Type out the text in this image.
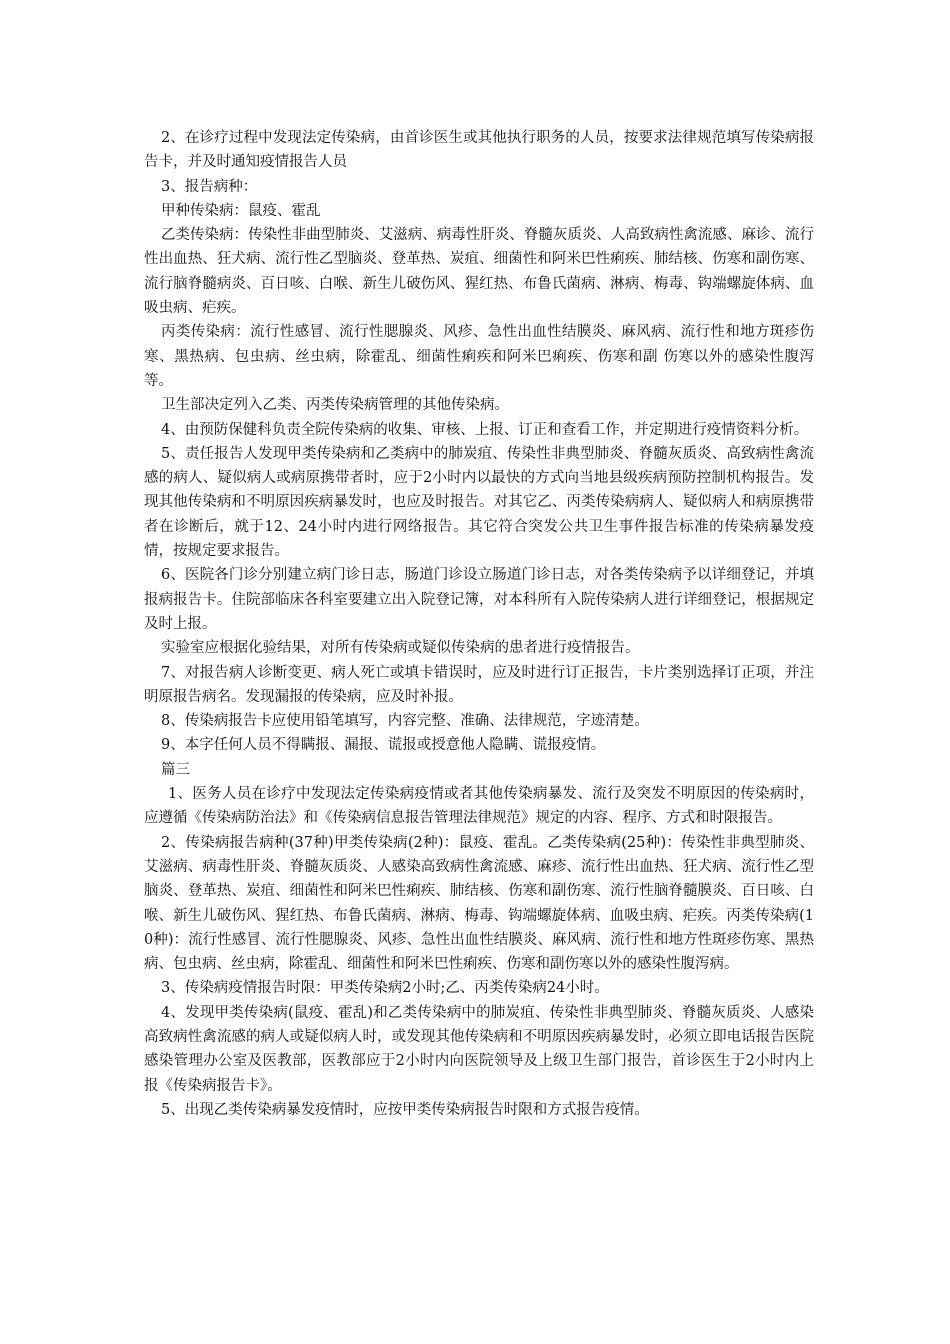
2、在诊疗过程中发现法定传染病，由首诊医生或其他执行职务的人员，按要求法律规范填写传染病报告卡，并及时通知疫情报告人员

3、报告病种：

甲种传染病：鼠疫、霍乱

乙类传染病：传染性非曲型肺炎、艾滋病、病毒性肝炎、脊髓灰质炎、人高致病性禽流感、麻诊、流行性出血热、狂犬病、流行性乙型脑炎、登革热、炭疽、细菌性和阿米巴性痢疾、肺结核、伤寒和副伤寒、流行脑脊髓病炎、百日咳、白喉、新生儿破伤风、猩红热、布鲁氏菌病、淋病、梅毒、钩端螺旋体病、血吸虫病、疟疾。

丙类传染病：流行性感冒、流行性腮腺炎、风疹、急性出血性结膜炎、麻风病、流行性和地方斑疹伤寒、黑热病、包虫病、丝虫病，除霍乱、细菌性痢疾和阿米巴痢疾、伤寒和副 伤寒以外的感染性腹泻等。

卫生部决定列入乙类、丙类传染病管理的其他传染病。

4、由预防保健科负责全院传染病的收集、审核、上报、订正和查看工作，并定期进行疫情资料分析。

5、责任报告人发现甲类传染病和乙类病中的肺炭疽、传染性非典型肺炎、脊髓灰质炎、高致病性禽流感的病人、疑似病人或病原携带者时，应于2小时内以最快的方式向当地县级疾病预防控制机构报告。发现其他传染病和不明原因疾病暴发时，也应及时报告。对其它乙、丙类传染病病人、疑似病人和病原携带者在诊断后，就于12、24小时内进行网络报告。其它符合突发公共卫生事件报告标准的传染病暴发疫情，按规定要求报告。

6、医院各门诊分别建立病门诊日志，肠道门诊设立肠道门诊日志，对各类传染病予以详细登记，并填报病报告卡。住院部临床各科室要建立出入院登记簿，对本科所有入院传染病人进行详细登记，根据规定及时上报。

实验室应根据化验结果，对所有传染病或疑似传染病的患者进行疫情报告。

7、对报告病人诊断变更、病人死亡或填卡错误时，应及时进行订正报告，卡片类别选择订正项，并注明原报告病名。发现漏报的传染病，应及时补报。

8、传染病报告卡应使用铅笔填写，内容完整、准确、法律规范，字迹清楚。

9、本字任何人员不得瞒报、漏报、谎报或授意他人隐瞒、谎报疫情。

篇三

1、医务人员在诊疗中发现法定传染病疫情或者其他传染病暴发、流行及突发不明原因的传染病时，应遵循《传染病防治法》和《传染病信息报告管理法律规范》规定的内容、程序、方式和时限报告。

2、传染病报告病种(37种)甲类传染病(2种)：鼠疫、霍乱。乙类传染病(25种)：传染性非典型肺炎、艾滋病、病毒性肝炎、脊髓灰质炎、人感染高致病性禽流感、麻疹、流行性出血热、狂犬病、流行性乙型脑炎、登革热、炭疽、细菌性和阿米巴性痢疾、肺结核、伤寒和副伤寒、流行性脑脊髓膜炎、百日咳、白喉、新生儿破伤风、猩红热、布鲁氏菌病、淋病、梅毒、钩端螺旋体病、血吸虫病、疟疾。丙类传染病(10种)：流行性感冒、流行性腮腺炎、风疹、急性出血性结膜炎、麻风病、流行性和地方性斑疹伤寒、黑热病、包虫病、丝虫病，除霍乱、细菌性和阿米巴性痢疾、伤寒和副伤寒以外的感染性腹泻病。

3、传染病疫情报告时限：甲类传染病2小时;乙、丙类传染病24小时。

4、发现甲类传染病(鼠疫、霍乱)和乙类传染病中的肺炭疽、传染性非典型肺炎、脊髓灰质炎、人感染高致病性禽流感的病人或疑似病人时，或发现其他传染病和不明原因疾病暴发时，必须立即电话报告医院感染管理办公室及医教部，医教部应于2小时内向医院领导及上级卫生部门报告，首诊医生于2小时内上报《传染病报告卡》。

5、出现乙类传染病暴发疫情时，应按甲类传染病报告时限和方式报告疫情。
